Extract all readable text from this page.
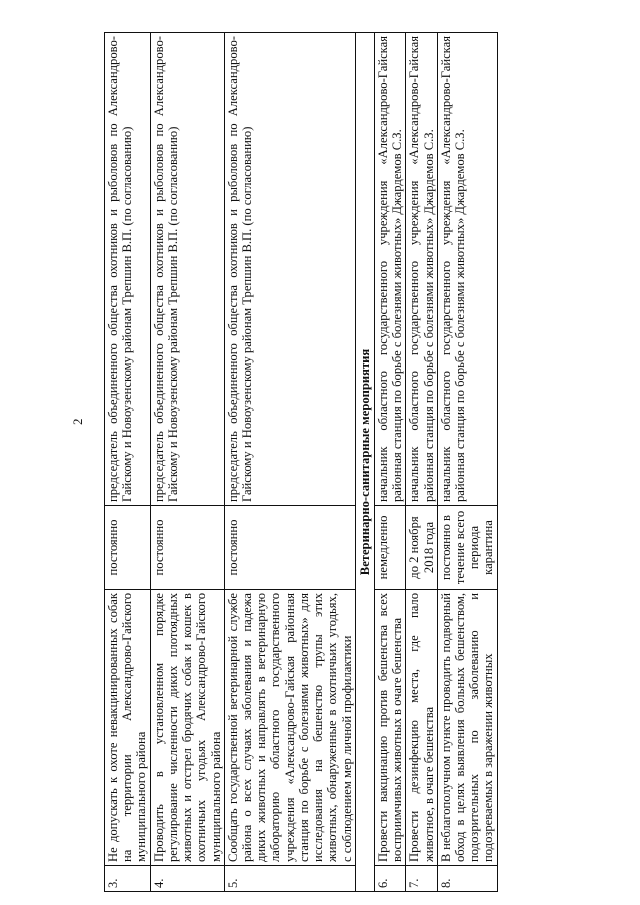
2
3.	Не допускать к охоте невакцинированных собак на территории Александрово-Гайского муниципального района	постоянно	председатель объединенного общества охотников и рыболовов по Александрово-Гайскому и Новоузенскому районам Трепшин В.П. (по согласованию)
4.	Проводить в установленном порядке регулирование численности диких плотоядных животных и отстрел бродячих собак и кошек в охотничьих угодьях Александрово-Гайского муниципального района	постоянно	председатель объединенного общества охотников и рыболовов по Александрово-Гайскому и Новоузенскому районам Трепшин В.П. (по согласованию)
5.	Сообщать государственной ветеринарной службе района о всех случаях заболевания и падежа диких животных и направлять в ветеринарную лабораторию областного государственного учреждения «Александрово-Гайская районная станция по борьбе с болезнями животных» для исследования на бешенство трупы этих животных, обнаруженные в охотничьих угодьях, с соблюдением мер личной профилактики	постоянно	председатель объединенного общества охотников и рыболовов по Александрово-Гайскому и Новоузенскому районам Трепшин В.П. (по согласованию)
Ветеринарно-санитарные мероприятия			
6.	Провести вакцинацию против бешенства всех восприимчивых животных в очаге бешенства	немедленно	начальник областного государственного учреждения «Александрово-Гайская районная станция по борьбе с болезнями животных» Джардемов С.З.
7.	Провести дезинфекцию места, где пало животное, в очаге бешенства	до 2 ноября 2018 года	начальник областного государственного учреждения «Александрово-Гайская районная станция по борьбе с болезнями животных» Джардемов С.З.
8.	В неблагополучном пункте проводить подворный обход в целях выявления больных бешенством, подозрительных по заболеванию и подозреваемых в заражении животных	постоянно в течение всего периода карантина	начальник областного государственного учреждения «Александрово-Гайская районная станция по борьбе с болезнями животных» Джардемов С.З.
